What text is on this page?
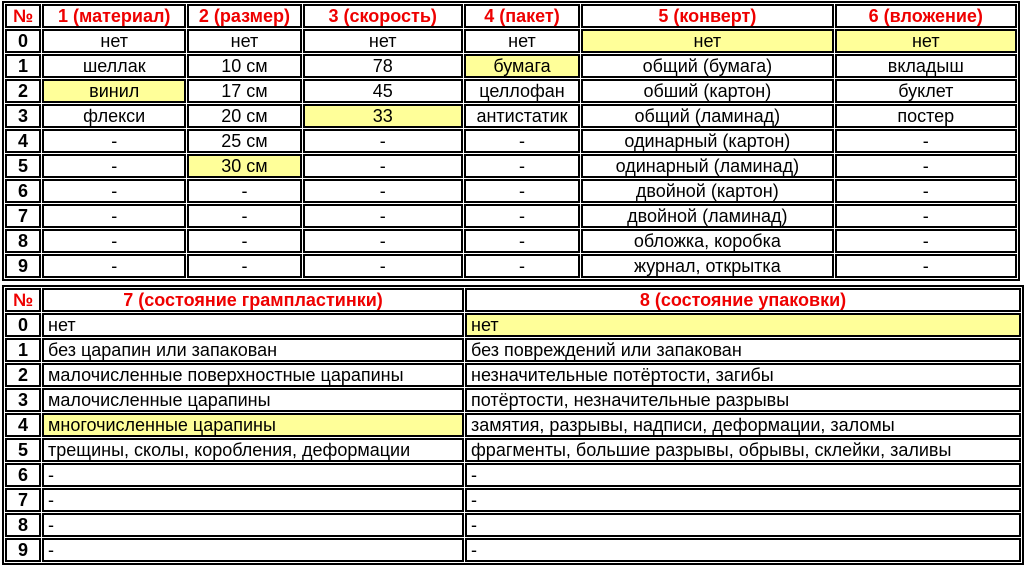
№	1 (материал)	2 (размер)	3 (скорость)	4 (пакет)	5 (конверт)	6 (вложение)
0	нет	нет	нет	нет	нет	нет
1	шеллак	10 см	78	бумага	общий (бумага)	вкладыш
2	винил	17 см	45	целлофан	обший (картон)	буклет
3	флекси	20 см	33	антистатик	общий (ламинад)	постер
4	-	25 см	-	-	одинарный (картон)	-
5	-	30 см	-	-	одинарный (ламинад)	-
6	-	-	-	-	двойной (картон)	-
7	-	-	-	-	двойной (ламинад)	-
8	-	-	-	-	обложка, коробка	-
9	-	-	-	-	журнал, открытка	-
№	7 (состояние грампластинки)	8 (состояние упаковки)
0	нет	нет
1	без царапин или запакован	без повреждений или запакован
2	малочисленные поверхностные царапины	незначительные потёртости, загибы
3	малочисленные царапины	потёртости, незначительные разрывы
4	многочисленные царапины	замятия, разрывы, надписи, деформации, заломы
5	трещины, сколы, коробления, деформации	фрагменты, большие разрывы, обрывы, склейки, заливы
6	-	-
7	-	-
8	-	-
9	-	-
